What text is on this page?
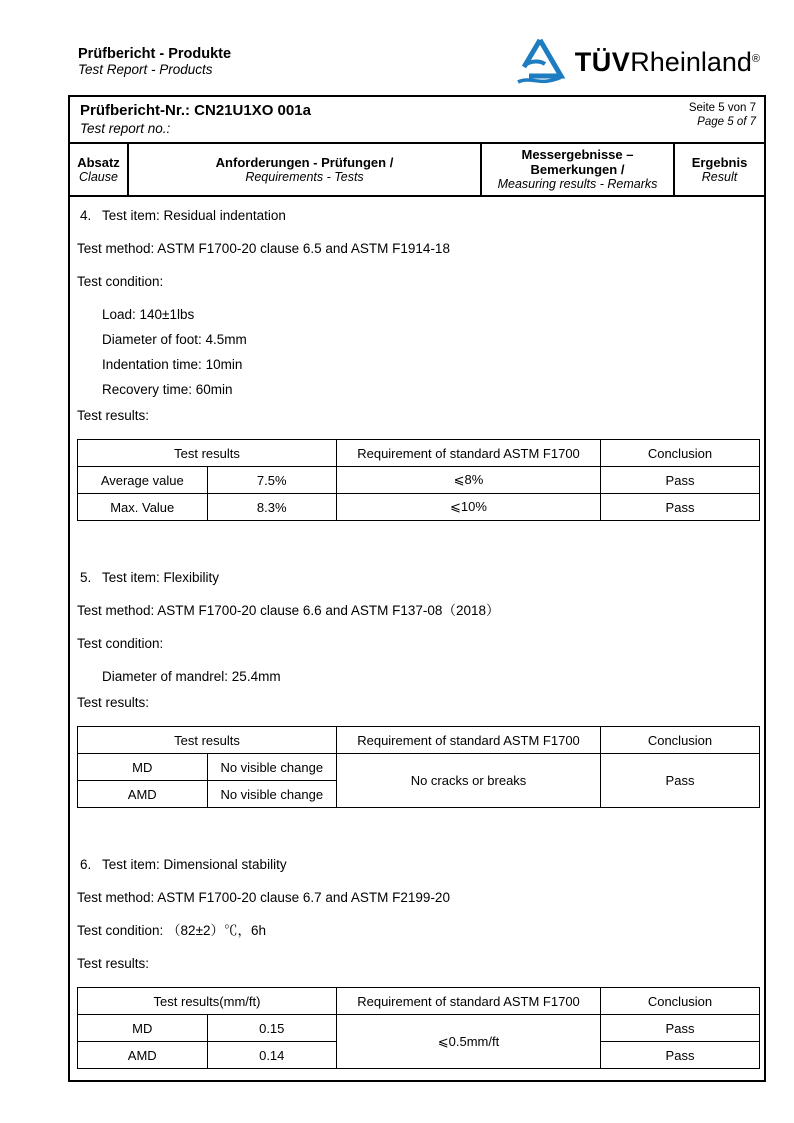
Prüfbericht - Produkte
Test Report - Products	TÜVRheinland®
Prüfbericht-Nr.: CN21U1XO 001a
Test report no.:
Seite 5 von 7
Page 5 of 7
Absatz
Clause
Anforderungen - Prüfungen /
Requirements - Tests
Messergebnisse –
Bemerkungen /
Measuring results - Remarks
Ergebnis
Result
4. Test item: Residual indentation
Test method: ASTM F1700-20 clause 6.5 and ASTM F1914-18
Test condition:
Load: 140±1lbs
Diameter of foot: 4.5mm
Indentation time: 10min
Recovery time: 60min
Test results:
Test results		Requirement of standard ASTM F1700	Conclusion
Average value	7.5%	⩽8%	Pass
Max. Value	8.3%	⩽10%	Pass
5. Test item: Flexibility
Test method: ASTM F1700-20 clause 6.6 and ASTM F137-08（2018）
Test condition:
Diameter of mandrel: 25.4mm
Test results:
Test results		Requirement of standard ASTM F1700	Conclusion
MD	No visible change	No cracks or breaks	Pass
AMD	No visible change		
6. Test item: Dimensional stability
Test method: ASTM F1700-20 clause 6.7 and ASTM F2199-20
Test condition: （82±2）℃，6h
Test results:
Test results(mm/ft)		Requirement of standard ASTM F1700	Conclusion
MD	0.15	⩽0.5mm/ft	Pass
AMD	0.14		Pass
